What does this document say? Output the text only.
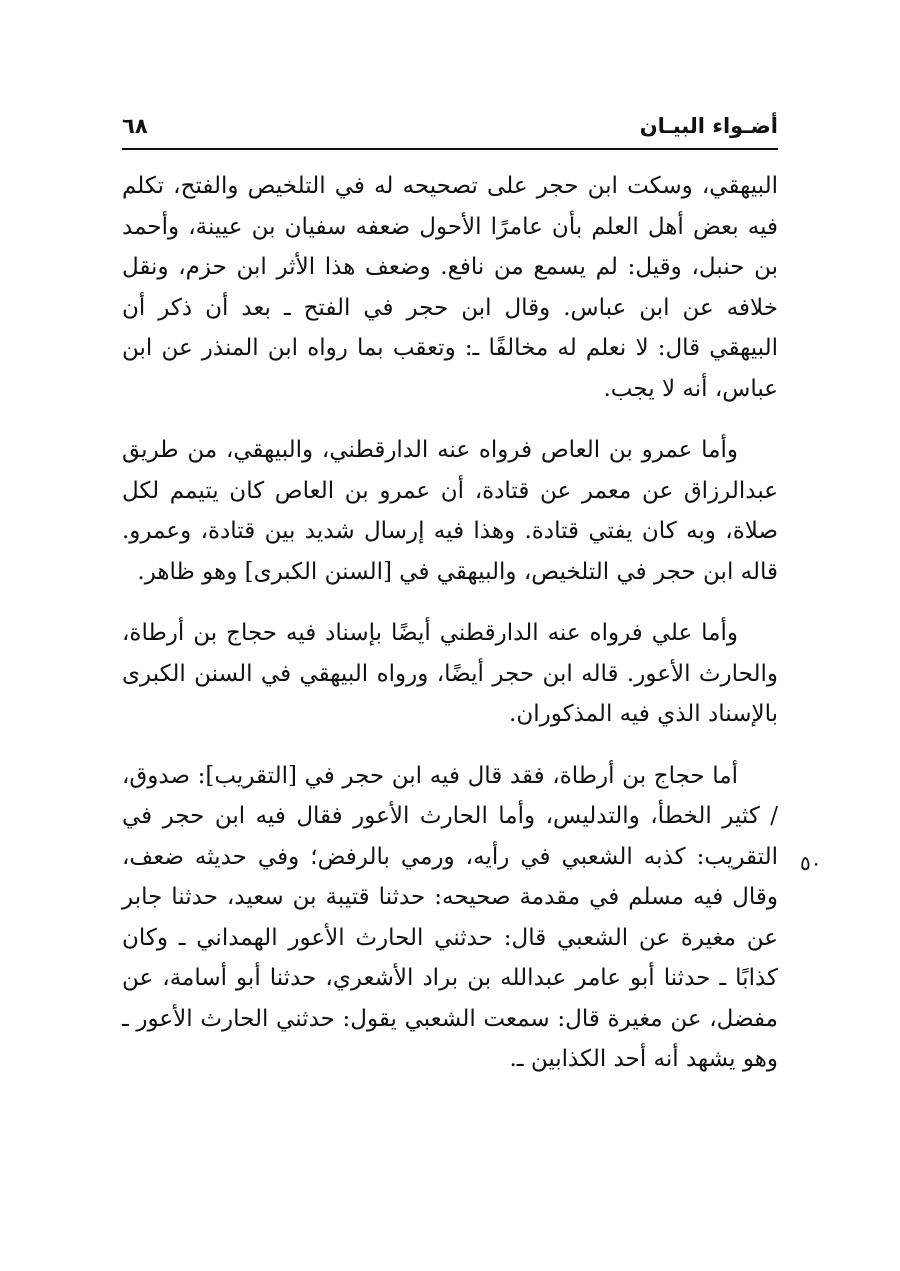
أضـواء البيـان
٦٨

البيهقي، وسكت ابن حجر على تصحيحه له في التلخيص والفتح، تكلم فيه بعض أهل العلم بأن عامرًا الأحول ضعفه سفيان بن عيينة، وأحمد بن حنبل، وقيل: لم يسمع من نافع. وضعف هذا الأثر ابن حزم، ونقل خلافه عن ابن عباس. وقال ابن حجر في الفتح ـ بعد أن ذكر أن البيهقي قال: لا نعلم له مخالفًا ـ: وتعقب بما رواه ابن المنذر عن ابن عباس، أنه لا يجب.

وأما عمرو بن العاص فرواه عنه الدارقطني، والبيهقي، من طريق عبدالرزاق عن معمر عن قتادة، أن عمرو بن العاص كان يتيمم لكل صلاة، وبه كان يفتي قتادة. وهذا فيه إرسال شديد بين قتادة، وعمرو. قاله ابن حجر في التلخيص، والبيهقي في [السنن الكبرى] وهو ظاهر.

وأما علي فرواه عنه الدارقطني أيضًا بإسناد فيه حجاج بن أرطاة، والحارث الأعور. قاله ابن حجر أيضًا، ورواه البيهقي في السنن الكبرى بالإسناد الذي فيه المذكوران.

أما حجاج بن أرطاة، فقد قال فيه ابن حجر في [التقريب]: صدوق، / كثير الخطأ، والتدليس، وأما الحارث الأعور فقال فيه ابن حجر في التقريب: كذبه الشعبي في رأيه، ورمي بالرفض؛ وفي حديثه ضعف، وقال فيه مسلم في مقدمة صحيحه: حدثنا قتيبة بن سعيد، حدثنا جابر عن مغيرة عن الشعبي قال: حدثني الحارث الأعور الهمداني ـ وكان كذابًا ـ حدثنا أبو عامر عبدالله بن براد الأشعري، حدثنا أبو أسامة، عن مفضل، عن مغيرة قال: سمعت الشعبي يقول: حدثني الحارث الأعور ـ وهو يشهد أنه أحد الكذابين ـ.

٥٠
